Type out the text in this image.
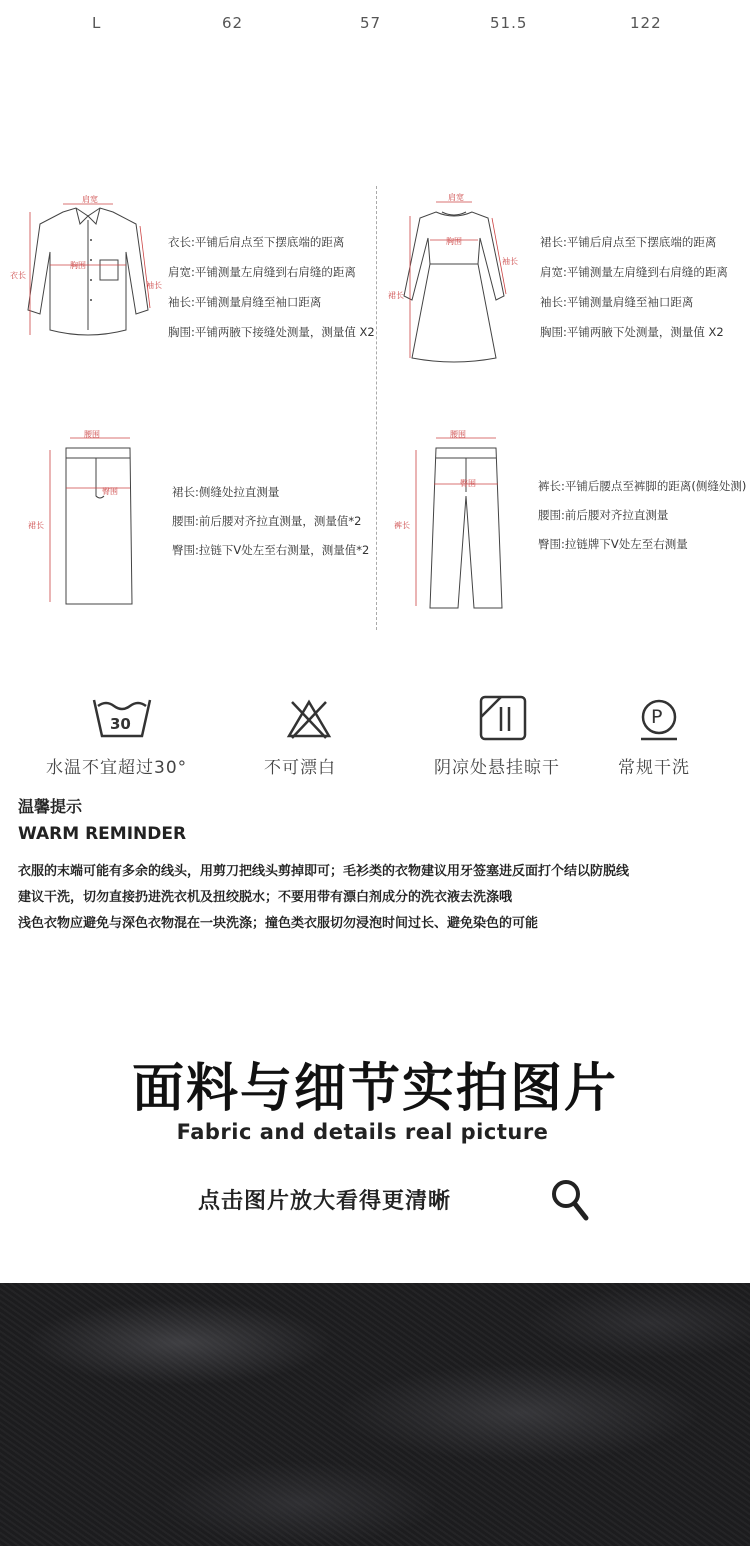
L	62	57	51.5	122
肩宽
胸围
衣长
袖长
衣长:平铺后肩点至下摆底端的距离
肩宽:平铺测量左肩缝到右肩缝的距离
袖长:平铺测量肩缝至袖口距离
胸围:平铺两腋下接缝处测量，测量值 X2
肩宽
胸围
裙长
袖长
裙长:平铺后肩点至下摆底端的距离
肩宽:平铺测量左肩缝到右肩缝的距离
袖长:平铺测量肩缝至袖口距离
胸围:平铺两腋下处测量，测量值 X2
腰围
臀围
裙长
裙长:侧缝处拉直测量
腰围:前后腰对齐拉直测量，测量值*2
臀围:拉链下V处左至右测量，测量值*2
腰围
臀围
裤长
裤长:平铺后腰点至裤脚的距离(侧缝处测)
腰围:前后腰对齐拉直测量
臀围:拉链牌下V处左至右测量
30	P
水温不宜超过30°	不可漂白	阴凉处悬挂晾干	常规干洗
温馨提示
WARM REMINDER
衣服的末端可能有多余的线头，用剪刀把线头剪掉即可；毛衫类的衣物建议用牙签塞进反面打个结以防脱线
建议干洗，切勿直接扔进洗衣机及扭绞脱水；不要用带有漂白剂成分的洗衣液去洗涤哦
浅色衣物应避免与深色衣物混在一块洗涤；撞色类衣服切勿浸泡时间过长、避免染色的可能
面料与细节实拍图片
Fabric and details real picture
点击图片放大看得更清晰
